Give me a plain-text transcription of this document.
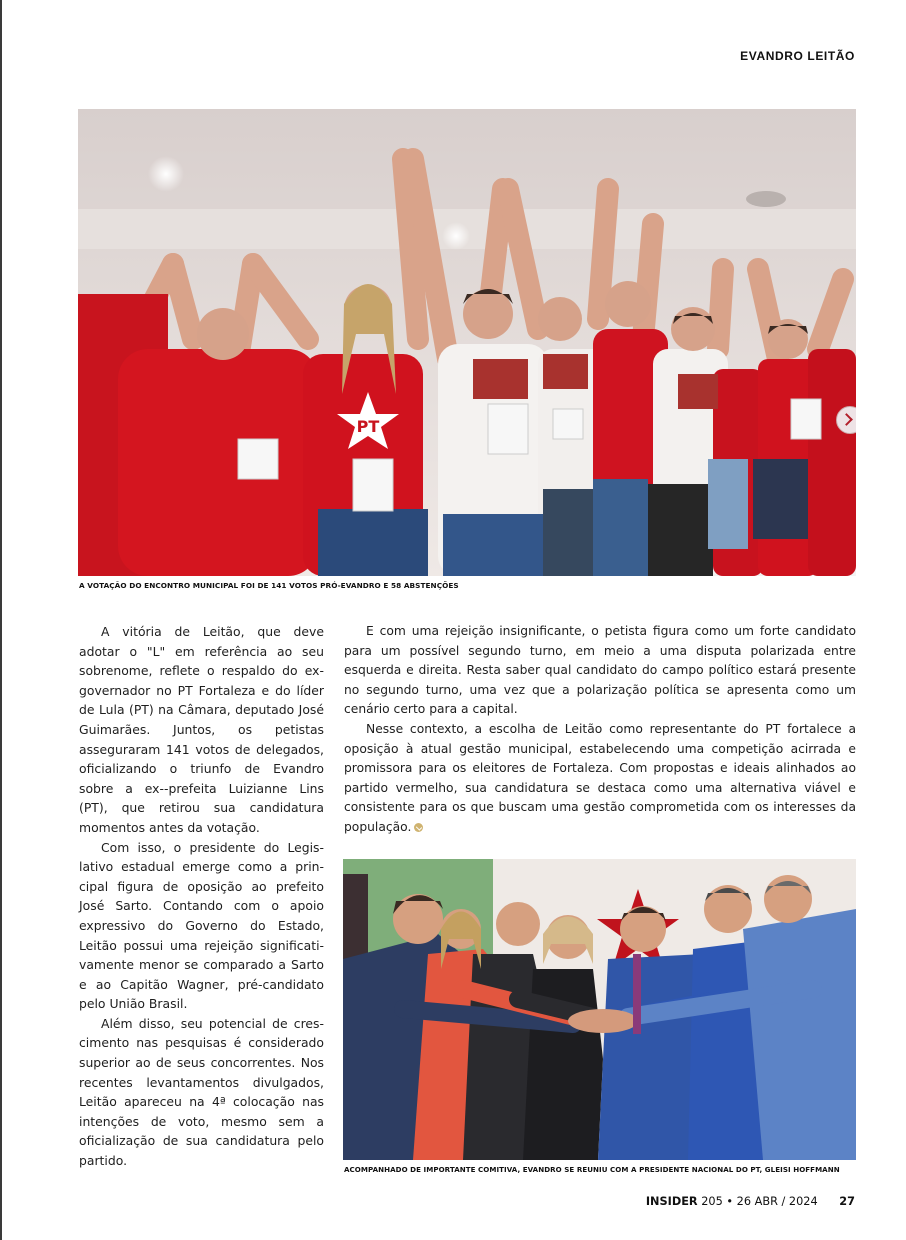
EVANDRO LEITÃO
PT
A VOTAÇÃO DO ENCONTRO MUNICIPAL FOI DE 141 VOTOS PRÓ-EVANDRO E 58 ABSTENÇÕES

A vitória de Leitão, que deve adotar o "L" em referência ao seu sobrenome, reflete o respaldo do ex-governador no PT Fortaleza e do líder de Lula (PT) na Câmara, deputado José Guimarães. Juntos, os petistas asseguraram 141 votos de delegados, oficializando o triunfo de Evandro sobre a ex--prefeita Luizianne Lins (PT), que retirou sua candidatura momentos antes da votação.

Com isso, o presidente do Legislativo estadual emerge como a principal figura de oposição ao prefeito José Sarto. Contando com o apoio expressivo do Governo do Estado, Leitão possui uma rejeição significativamente menor se comparado a Sarto e ao Capitão Wagner, pré-candidato pelo União Brasil.

Além disso, seu potencial de crescimento nas pesquisas é considerado superior ao de seus concorrentes. Nos recentes levantamentos divulgados, Leitão apareceu na 4ª colocação nas intenções de voto, mesmo sem a oficialização de sua candidatura pelo partido.

E com uma rejeição insignificante, o petista figura como um forte candidato para um possível segundo turno, em meio a uma disputa polarizada entre esquerda e direita. Resta saber qual candidato do campo político estará presente no segundo turno, uma vez que a polarização política se apresenta como um cenário certo para a capital.

Nesse contexto, a escolha de Leitão como representante do PT fortalece a oposição à atual gestão municipal, estabelecendo uma competição acirrada e promissora para os eleitores de Fortaleza. Com propostas e ideais alinhados ao partido vermelho, sua candidatura se destaca como uma alternativa viável e consistente para os que buscam uma gestão comprometida com os interesses da população.

ACOMPANHADO DE IMPORTANTE COMITIVA, EVANDRO SE REUNIU COM A PRESIDENTE NACIONAL DO PT, GLEISI HOFFMANN
INSIDER 205 • 26 ABR / 2024 27
